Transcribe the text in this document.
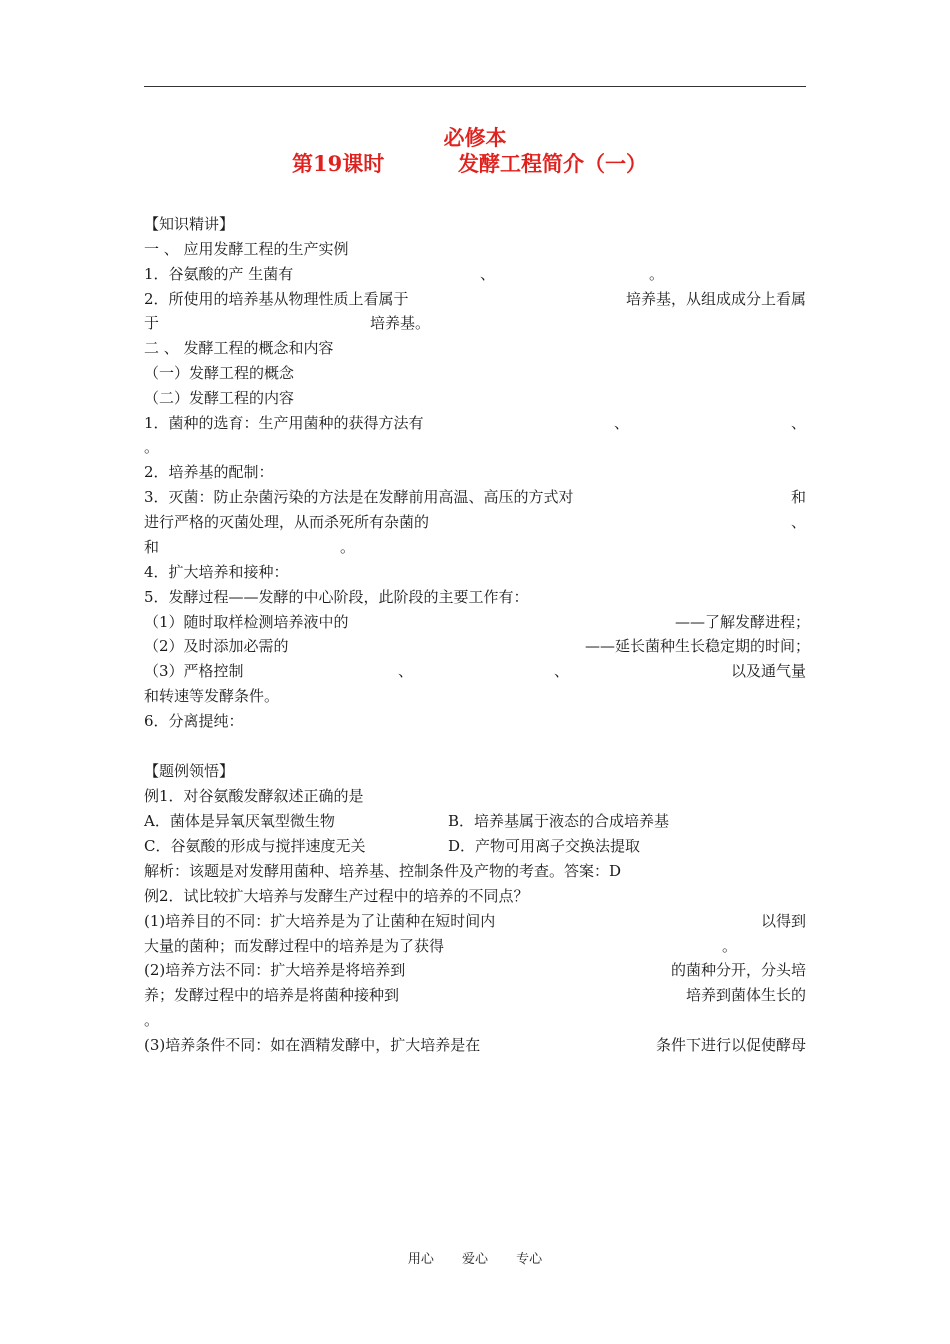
必修本
第19课时	发酵工程简介（一）
【知识精讲】
一 、 应用发酵工程的生产实例
1．谷氨酸的产 生菌有	、	。
2．所使用的培养基从物理性质上看属于	培养基，从组成成分上看属
于	培养基。
二 、 发酵工程的概念和内容
（一）发酵工程的概念
（二）发酵工程的内容
1．菌种的选育：生产用菌种的获得方法有	、	、
。
2．培养基的配制：
3．灭菌：防止杂菌污染的方法是在发酵前用高温、高压的方式对	和
进行严格的灭菌处理，从而杀死所有杂菌的	、
和	。
4．扩大培养和接种：
5．发酵过程——发酵的中心阶段，此阶段的主要工作有：
（1）随时取样检测培养液中的	——了解发酵进程；
（2）及时添加必需的	——延长菌种生长稳定期的时间；
（3）严格控制	、	、	以及通气量
和转速等发酵条件。
6．分离提纯：
【题例领悟】
例1．对谷氨酸发酵叙述正确的是
A．菌体是异氧厌氧型微生物	B．培养基属于液态的合成培养基
C．谷氨酸的形成与搅拌速度无关	D．产物可用离子交换法提取
解析：该题是对发酵用菌种、培养基、控制条件及产物的考查。答案：D
例2．试比较扩大培养与发酵生产过程中的培养的不同点？
(1)培养目的不同：扩大培养是为了让菌种在短时间内	以得到
大量的菌种；而发酵过程中的培养是为了获得	。
(2)培养方法不同：扩大培养是将培养到	的菌种分开，分头培
养；发酵过程中的培养是将菌种接种到	培养到菌体生长的
。
(3)培养条件不同：如在酒精发酵中，扩大培养是在	条件下进行以促使酵母
用心 爱心 专心
